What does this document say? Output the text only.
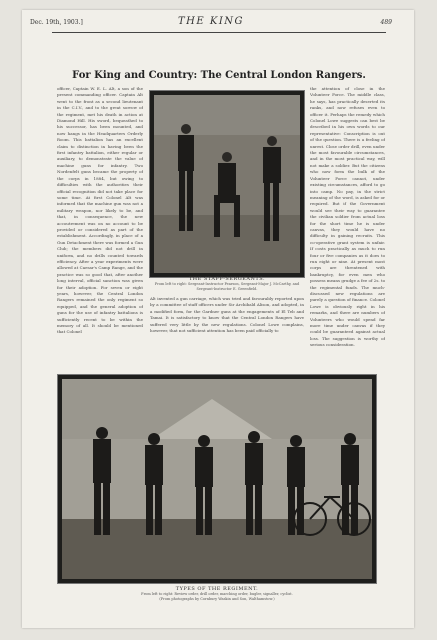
Dec. 19th, 1903.]	THE KING	489
For King and Country: The Central London Rangers.

officer, Captain W. E. L. Alt, a son of the present commanding officer. Captain Alt went to the front as a second lieutenant in the C.I.V., and to the great sorrow of the regiment, met his death in action at Diamond Hill. His sword, bequeathed to his successor, has been mounted, and now hangs in the Headquarters Orderly Room. This battalion has an excellent claim to distinction in having been the first infantry battalion, either regular or auxiliary, to demonstrate the value of machine guns for infantry. Two Nordenfelt guns became the property of the corps in 1884, but owing to difficulties with the authorities their official recognition did not take place for some time. At first Colonel Alt was informed that the machine gun was not a military weapon, nor likely to be, and that, in consequence, the new accoutrement was on no account to be provided or considered as part of the establishment. Accordingly, in place of a Gun Detachment there was formed a Gun Club; the members did not drill in uniform, and no drills counted towards efficiency. After a year experiments were allowed at Caesar's Camp Range, and the practice was so good that, after another long interval, official sanction was given for their adoption. For seven or eight years, however, the Central London Rangers remained the only regiment so equipped, and the general adoption of guns for the use of infantry battalions is sufficiently recent to be within the memory of all. It should be mentioned that Colonel

THE STAFF-SERGEANTS.
From left to right: Sergeant-Instructor Pearson, Sergeant-Major J. McCarthy, and Sergeant-Instructor E. Greenfield.

the attention of close in the Volunteer Force. The middle class, he says, has practically deserted its ranks, and now refuses even to officer it. Perhaps the remedy which Colonel Lowe suggests can best be described in his own words to our representative: Conscription is out of the question. There is a feeling of unrest. Close order drill, even under the most favourable circumstances, and in the most practical way, will not make a soldier. But the citizens who now form the bulk of the Volunteer Force cannot, under existing circumstances, afford to go into camp. No pay, in the strict meaning of the word, is asked for or required. But if the Government would see their way to guarantee the civilian soldier from actual loss for the short time he is under canvas, they would have no difficulty in gaining recruits. This co-operative grant system is unfair. If costs practically as much to run four or five companies as it does to run eight or nine. At present most corps are threatened with bankruptcy, for even men who possess means grudge a fee of 2s. to the regimental funds. The much-discussed new regulations are purely a question of finance. Colonel Lowe is obviously right in his remarks, and there are numbers of Volunteers who would spend far more time under canvas if they could be guaranteed against actual loss. The suggestion is worthy of serious consideration.

Alt invented a gun carriage, which was tried and favourably reported upon by a committee of staff officers under Sir Archibald Alison, and adopted, in a modified form, for the Gardner guns at the engagements of El Teb and Tamai. It is satisfactory to know that the Central London Rangers have suffered very little by the new regulations. Colonel Lowe complains, however, that not sufficient attention has been paid officially to

TYPES OF THE REGIMENT.
From left to right: Review order, drill order, marching order, bugler, signaller, cyclist.
(From photographs by Cornbury Waskin and Son, Walthamstow.)
